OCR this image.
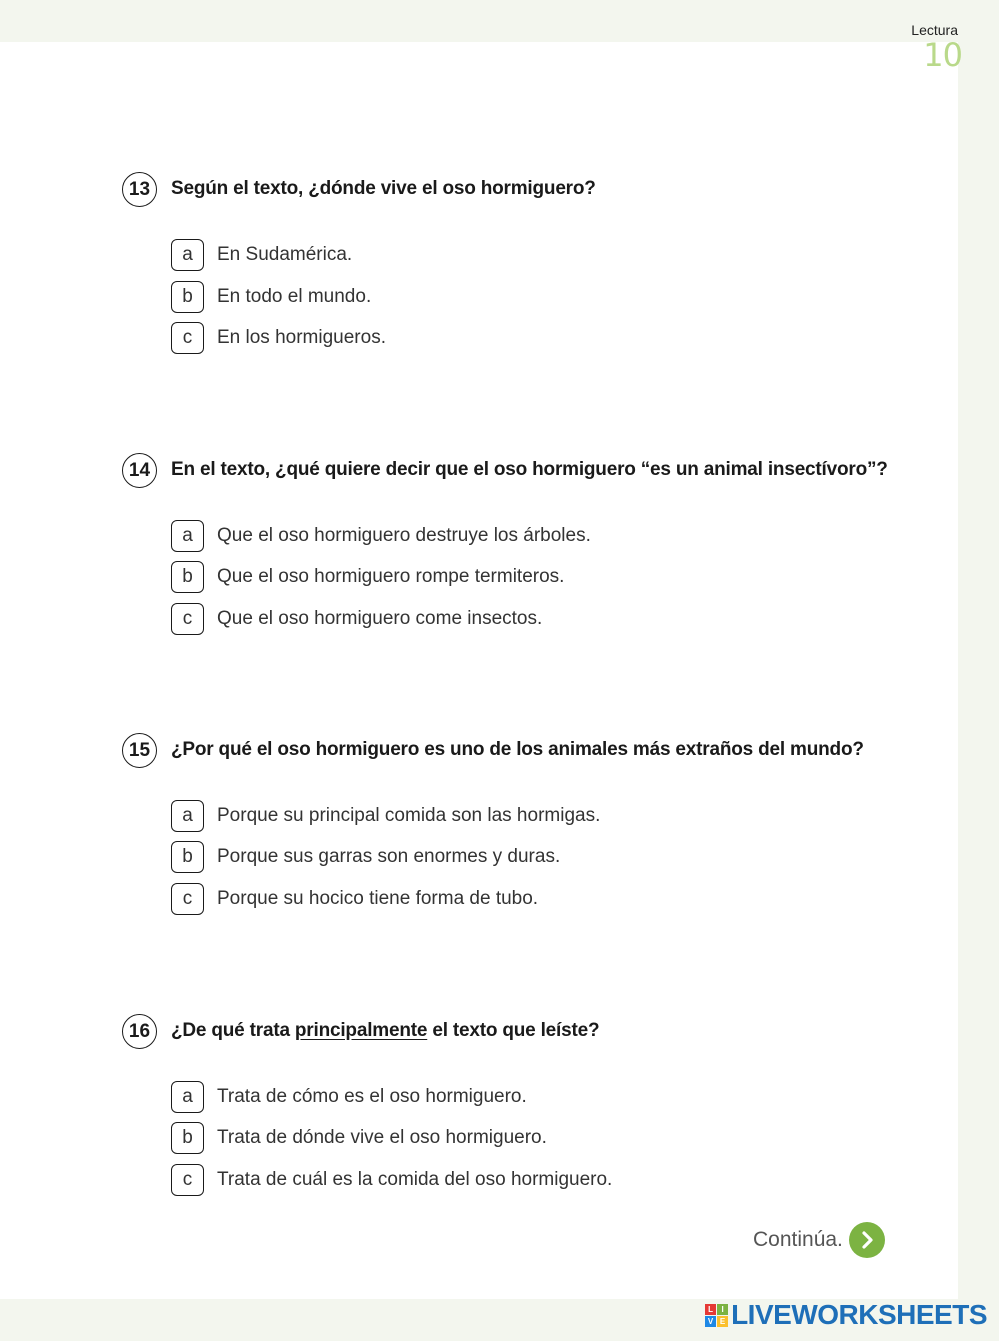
Lectura
10
13	Según el texto, ¿dónde vive el oso hormiguero?
a	En Sudamérica.
b	En todo el mundo.
c	En los hormigueros.
14	En el texto, ¿qué quiere decir que el oso hormiguero “es un animal insectívoro”?
a	Que el oso hormiguero destruye los árboles.
b	Que el oso hormiguero rompe termiteros.
c	Que el oso hormiguero come insectos.
15	¿Por qué el oso hormiguero es uno de los animales más extraños del mundo?
a	Porque su principal comida son las hormigas.
b	Porque sus garras son enormes y duras.
c	Porque su hocico tiene forma de tubo.
16	¿De qué trata principalmente el texto que leíste?
a	Trata de cómo es el oso hormiguero.
b	Trata de dónde vive el oso hormiguero.
c	Trata de cuál es la comida del oso hormiguero.
Continúa.
L	I
V E LIVEWORKSHEETS
